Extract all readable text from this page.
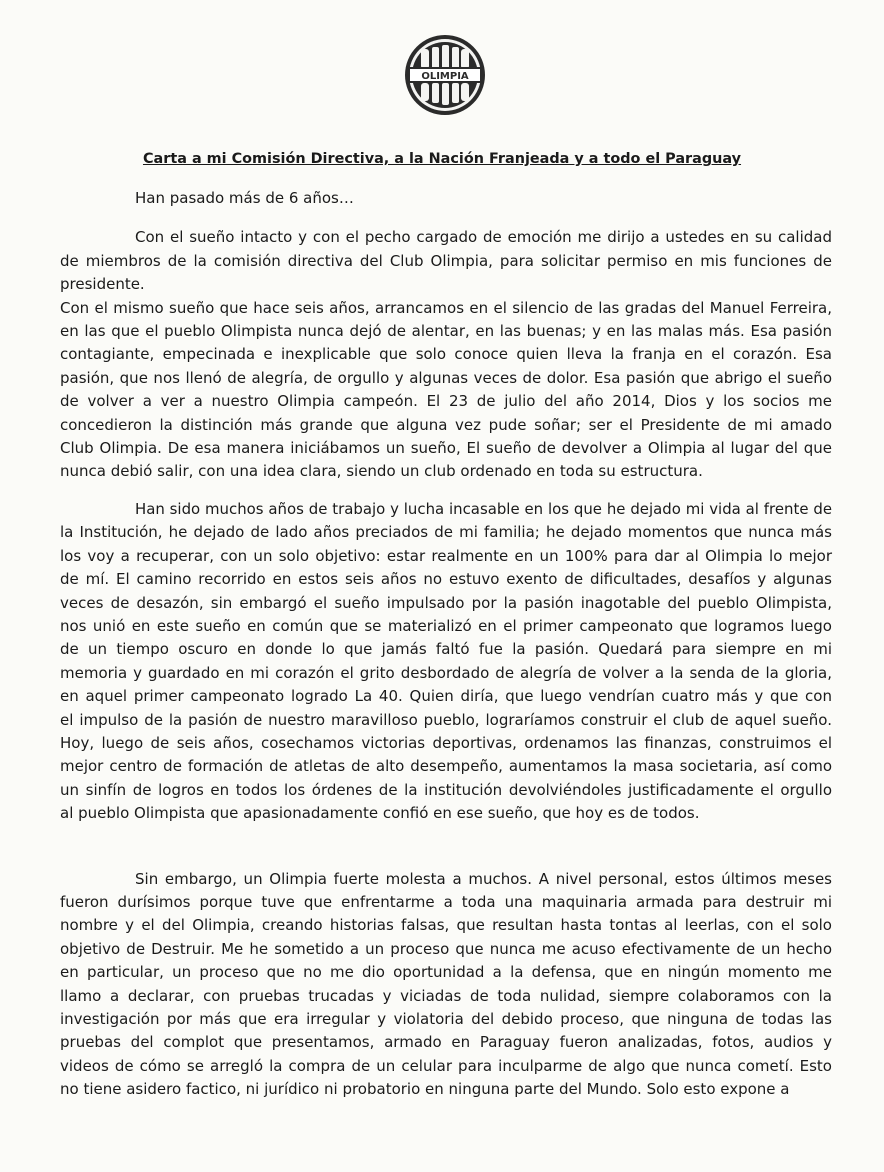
OLIMPIA
Carta a mi Comisión Directiva, a la Nación Franjeada y a todo el Paraguay

Han pasado más de 6 años…

Con el sueño intacto y con el pecho cargado de emoción me dirijo a ustedes en su calidad
de miembros de la comisión directiva del Club Olimpia, para solicitar permiso en mis funciones de
presidente.

Con el mismo sueño que hace seis años, arrancamos en el silencio de las gradas del Manuel Ferreira,
en las que el pueblo Olimpista nunca dejó de alentar, en las buenas; y en las malas más. Esa pasión
contagiante, empecinada e inexplicable que solo conoce quien lleva la franja en el corazón. Esa
pasión, que nos llenó de alegría, de orgullo y algunas veces de dolor. Esa pasión que abrigo el sueño
de volver a ver a nuestro Olimpia campeón. El 23 de julio del año 2014, Dios y los socios me
concedieron la distinción más grande que alguna vez pude soñar; ser el Presidente de mi amado
Club Olimpia. De esa manera iniciábamos un sueño, El sueño de devolver a Olimpia al lugar del que
nunca debió salir, con una idea clara, siendo un club ordenado en toda su estructura.

Han sido muchos años de trabajo y lucha incasable en los que he dejado mi vida al frente de
la Institución, he dejado de lado años preciados de mi familia; he dejado momentos que nunca más
los voy a recuperar, con un solo objetivo: estar realmente en un 100% para dar al Olimpia lo mejor
de mí. El camino recorrido en estos seis años no estuvo exento de dificultades, desafíos y algunas
veces de desazón, sin embargó el sueño impulsado por la pasión inagotable del pueblo Olimpista,
nos unió en este sueño en común que se materializó en el primer campeonato que logramos luego
de un tiempo oscuro en donde lo que jamás faltó fue la pasión. Quedará para siempre en mi
memoria y guardado en mi corazón el grito desbordado de alegría de volver a la senda de la gloria,
en aquel primer campeonato logrado La 40. Quien diría, que luego vendrían cuatro más y que con
el impulso de la pasión de nuestro maravilloso pueblo, lograríamos construir el club de aquel sueño.
Hoy, luego de seis años, cosechamos victorias deportivas, ordenamos las finanzas, construimos el
mejor centro de formación de atletas de alto desempeño, aumentamos la masa societaria, así como
un sinfín de logros en todos los órdenes de la institución devolviéndoles justificadamente el orgullo
al pueblo Olimpista que apasionadamente confió en ese sueño, que hoy es de todos.

Sin embargo, un Olimpia fuerte molesta a muchos. A nivel personal, estos últimos meses
fueron durísimos porque tuve que enfrentarme a toda una maquinaria armada para destruir mi
nombre y el del Olimpia, creando historias falsas, que resultan hasta tontas al leerlas, con el solo
objetivo de Destruir. Me he sometido a un proceso que nunca me acuso efectivamente de un hecho
en particular, un proceso que no me dio oportunidad a la defensa, que en ningún momento me
llamo a declarar, con pruebas trucadas y viciadas de toda nulidad, siempre colaboramos con la
investigación por más que era irregular y violatoria del debido proceso, que ninguna de todas las
pruebas del complot que presentamos, armado en Paraguay fueron analizadas, fotos, audios y
videos de cómo se arregló la compra de un celular para inculparme de algo que nunca cometí. Esto
no tiene asidero factico, ni jurídico ni probatorio en ninguna parte del Mundo. Solo esto expone a
